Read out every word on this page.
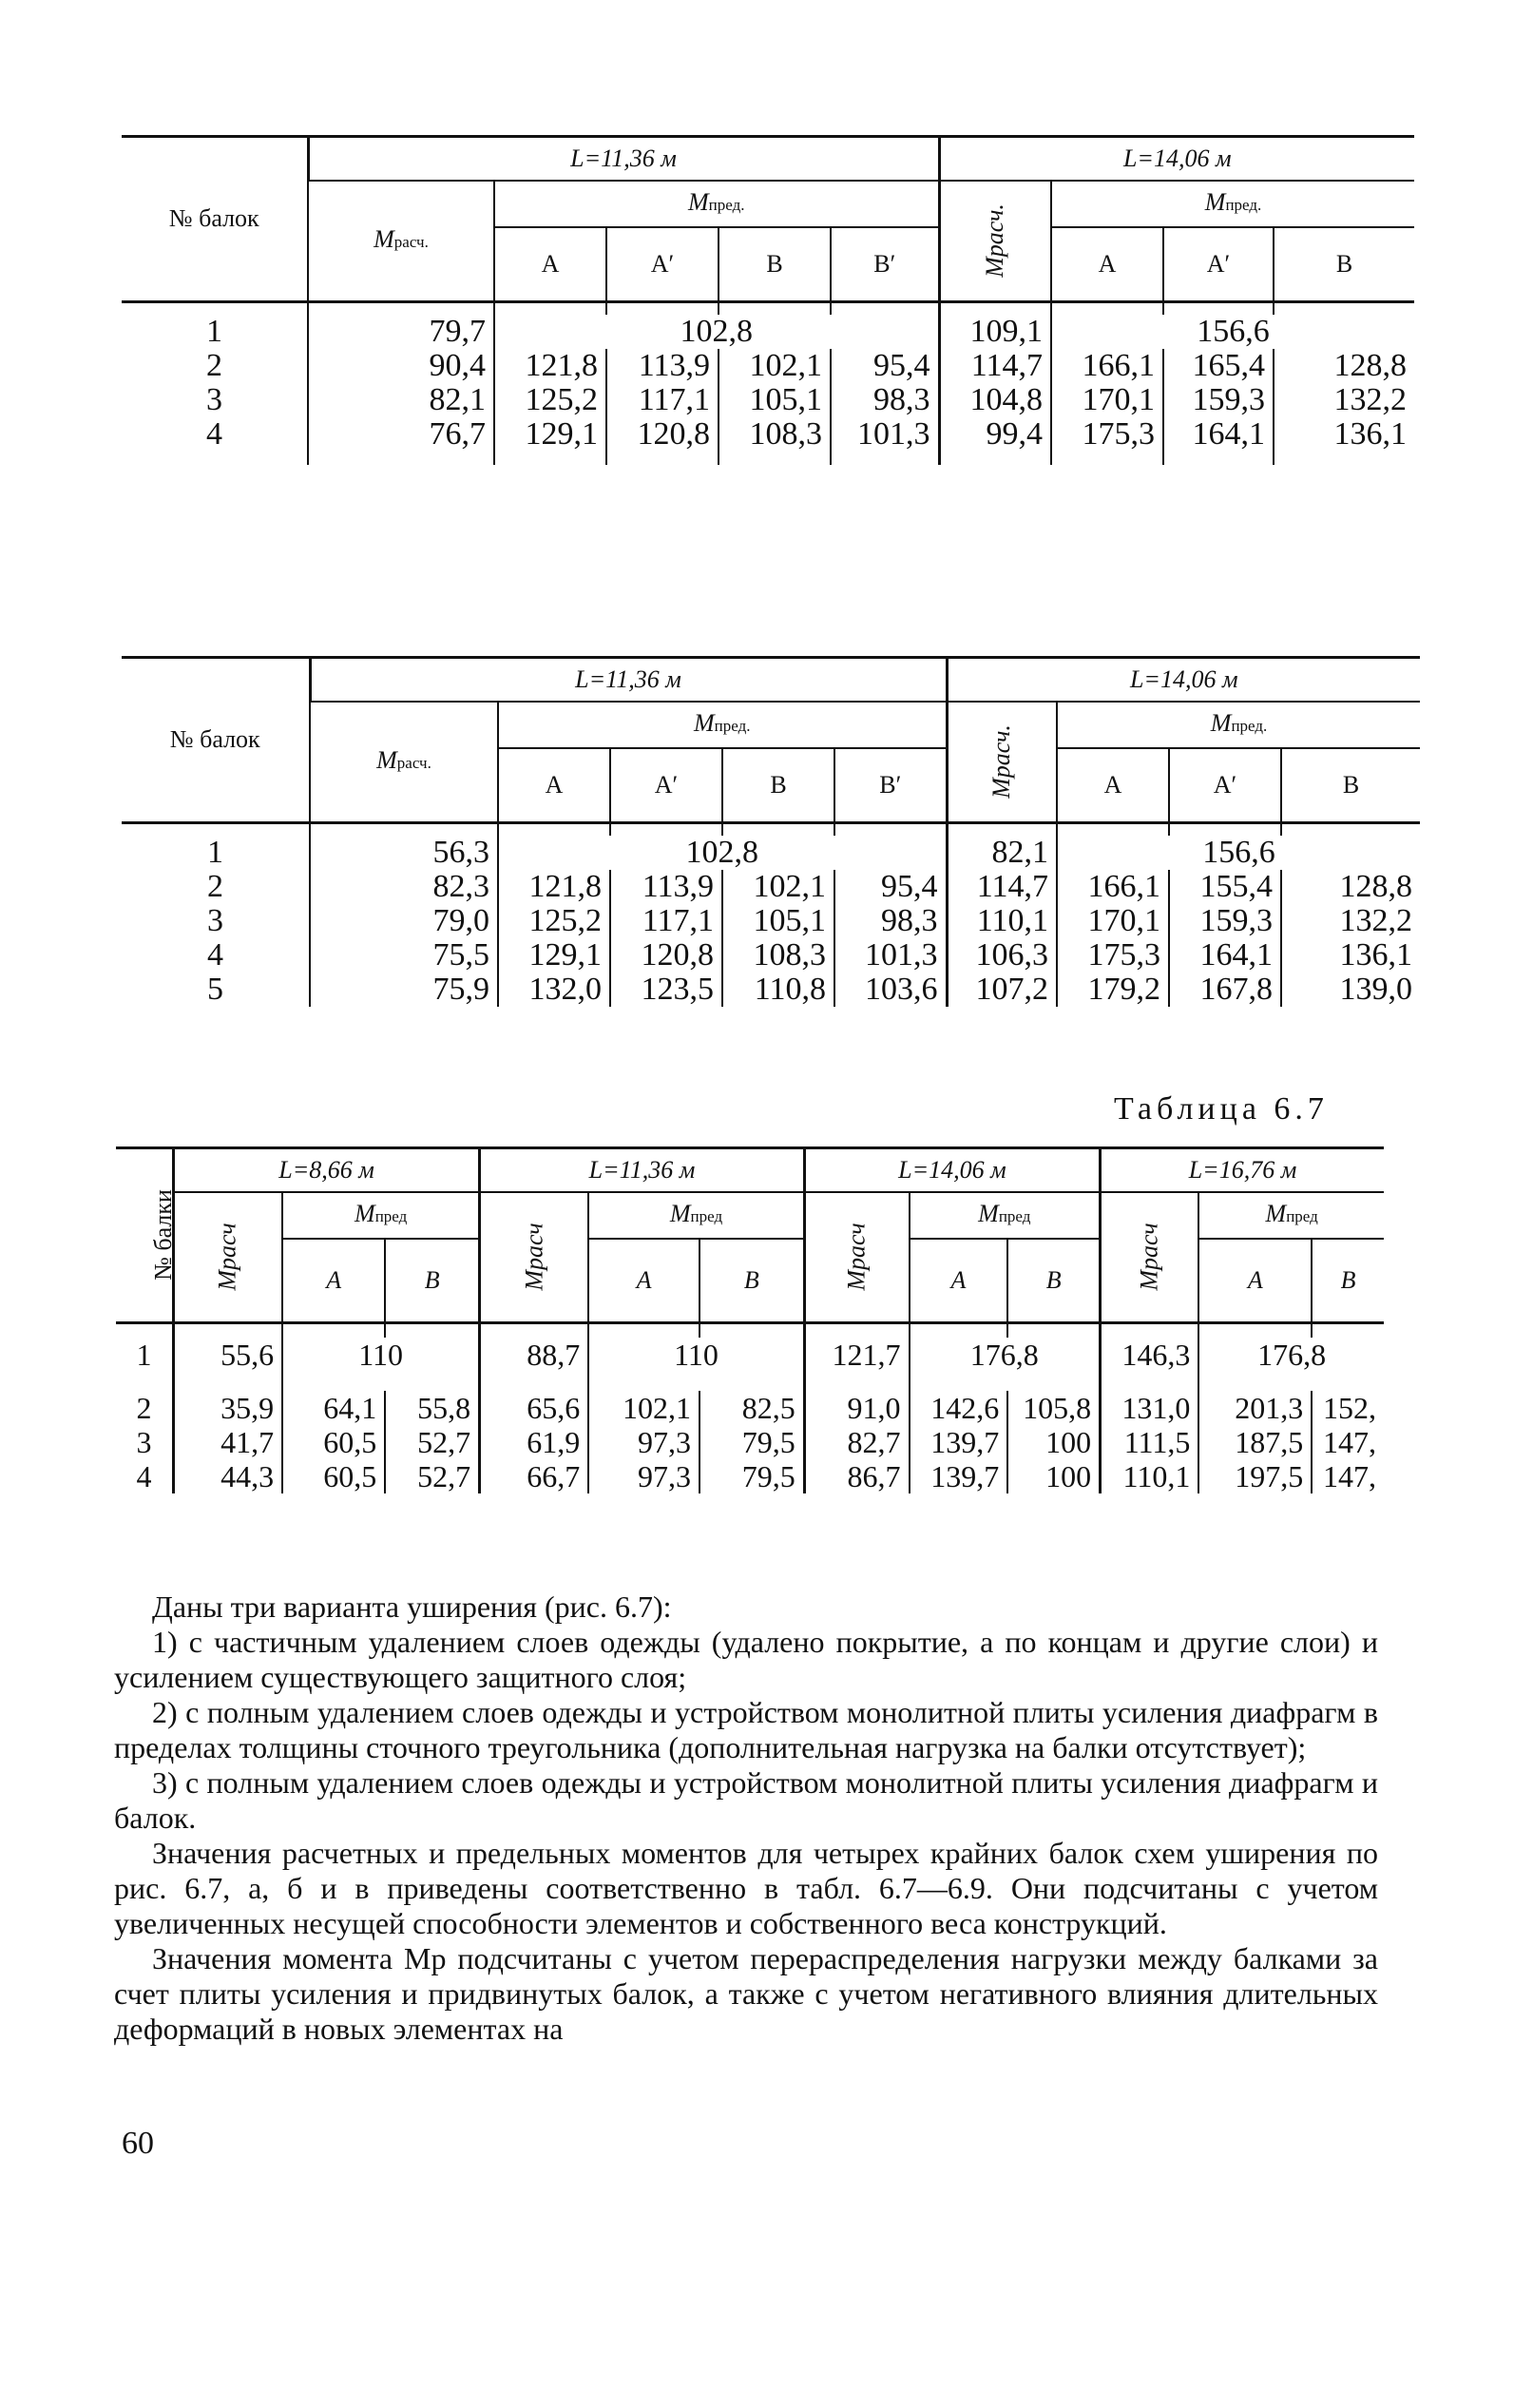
№ балок	L=11,36 м					L=14,06 м			
	Mрасч.	Mпред.				Mрасч.	Mпред.		
		А	А′	В	В′		А	А′	В

1	79,7	102,8				109,1	156,6		
2	90,4	121,8	113,9	102,1	95,4	114,7	166,1	165,4	128,8
3	82,1	125,2	117,1	105,1	98,3	104,8	170,1	159,3	132,2
4	76,7	129,1	120,8	108,3	101,3	99,4	175,3	164,1	136,1

№ балок	L=11,36 м					L=14,06 м			
	Mрасч.	Mпред.				Mрасч.	Mпред.		
		А	А′	В	В′		А	А′	В

1	56,3	102,8				82,1	156,6		
2	82,3	121,8	113,9	102,1	95,4	114,7	166,1	155,4	128,8
3	79,0	125,2	117,1	105,1	98,3	110,1	170,1	159,3	132,2
4	75,5	129,1	120,8	108,3	101,3	106,3	175,3	164,1	136,1
5	75,9	132,0	123,5	110,8	103,6	107,2	179,2	167,8	139,0
Таблица 6.7
№ балки	L=8,66 м			L=11,36 м			L=14,06 м			L=16,76 м		
	Mрасч	Mпред		Mрасч	Mпред		Mрасч	Mпред		Mрасч	Mпред	
		А	В		А	В		А	В		А	В

1	55,6	110		88,7	110		121,7	176,8		146,3	176,8	
2	35,9	64,1	55,8	65,6	102,1	82,5	91,0	142,6	105,8	131,0	201,3	152,
3	41,7	60,5	52,7	61,9	97,3	79,5	82,7	139,7	100	111,5	187,5	147,
4	44,3	60,5	52,7	66,7	97,3	79,5	86,7	139,7	100	110,1	197,5	147,

Даны три варианта уширения (рис. 6.7):

1) с частичным удалением слоев одежды (удалено покрытие, а по концам и другие слои) и усилением существующего защитного слоя;

2) с полным удалением слоев одежды и устройством монолитной плиты усиления диафрагм в пределах толщины сточного треугольника (дополнительная нагрузка на балки отсутствует);

3) с полным удалением слоев одежды и устройством монолитной плиты усиления диафрагм и балок.

Значения расчетных и предельных моментов для четырех крайних балок схем уширения по рис. 6.7, а, б и в приведены соответственно в табл. 6.7—6.9. Они подсчитаны с учетом увеличенных несущей способности элементов и собственного веса конструкций.

Значения момента Mр подсчитаны с учетом перераспределения нагрузки между балками за счет плиты усиления и придвинутых балок, а также с учетом негативного влияния длительных деформаций в новых элементах на

60
